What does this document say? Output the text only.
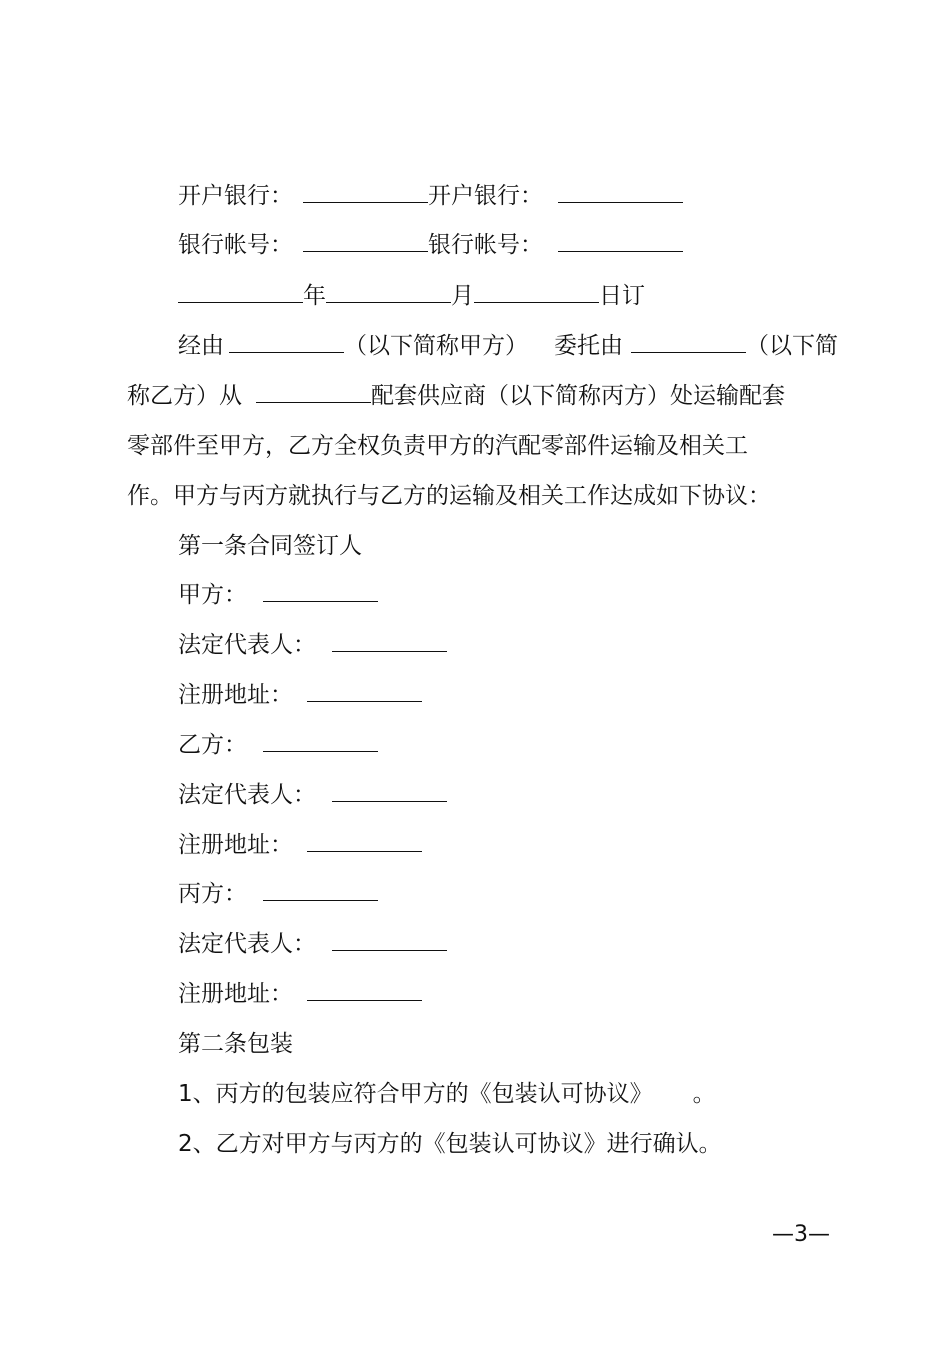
开户银行：	开户银行：
银行帐号：	银行帐号：
年	月	日订
经由	（以下简称甲方） 委托由	（以下简
称乙方）从	配套供应商（以下简称丙方）处运输配套
零部件至甲方，乙方全权负责甲方的汽配零部件运输及相关工
作。甲方与丙方就执行与乙方的运输及相关工作达成如下协议：
第一条合同签订人
甲方：
法定代表人：
注册地址：
乙方：
法定代表人：
注册地址：
丙方：
法定代表人：
注册地址：
第二条包装
1、丙方的包装应符合甲方的《包装认可协议》 。
2、乙方对甲方与丙方的《包装认可协议》进行确认。
—3—
